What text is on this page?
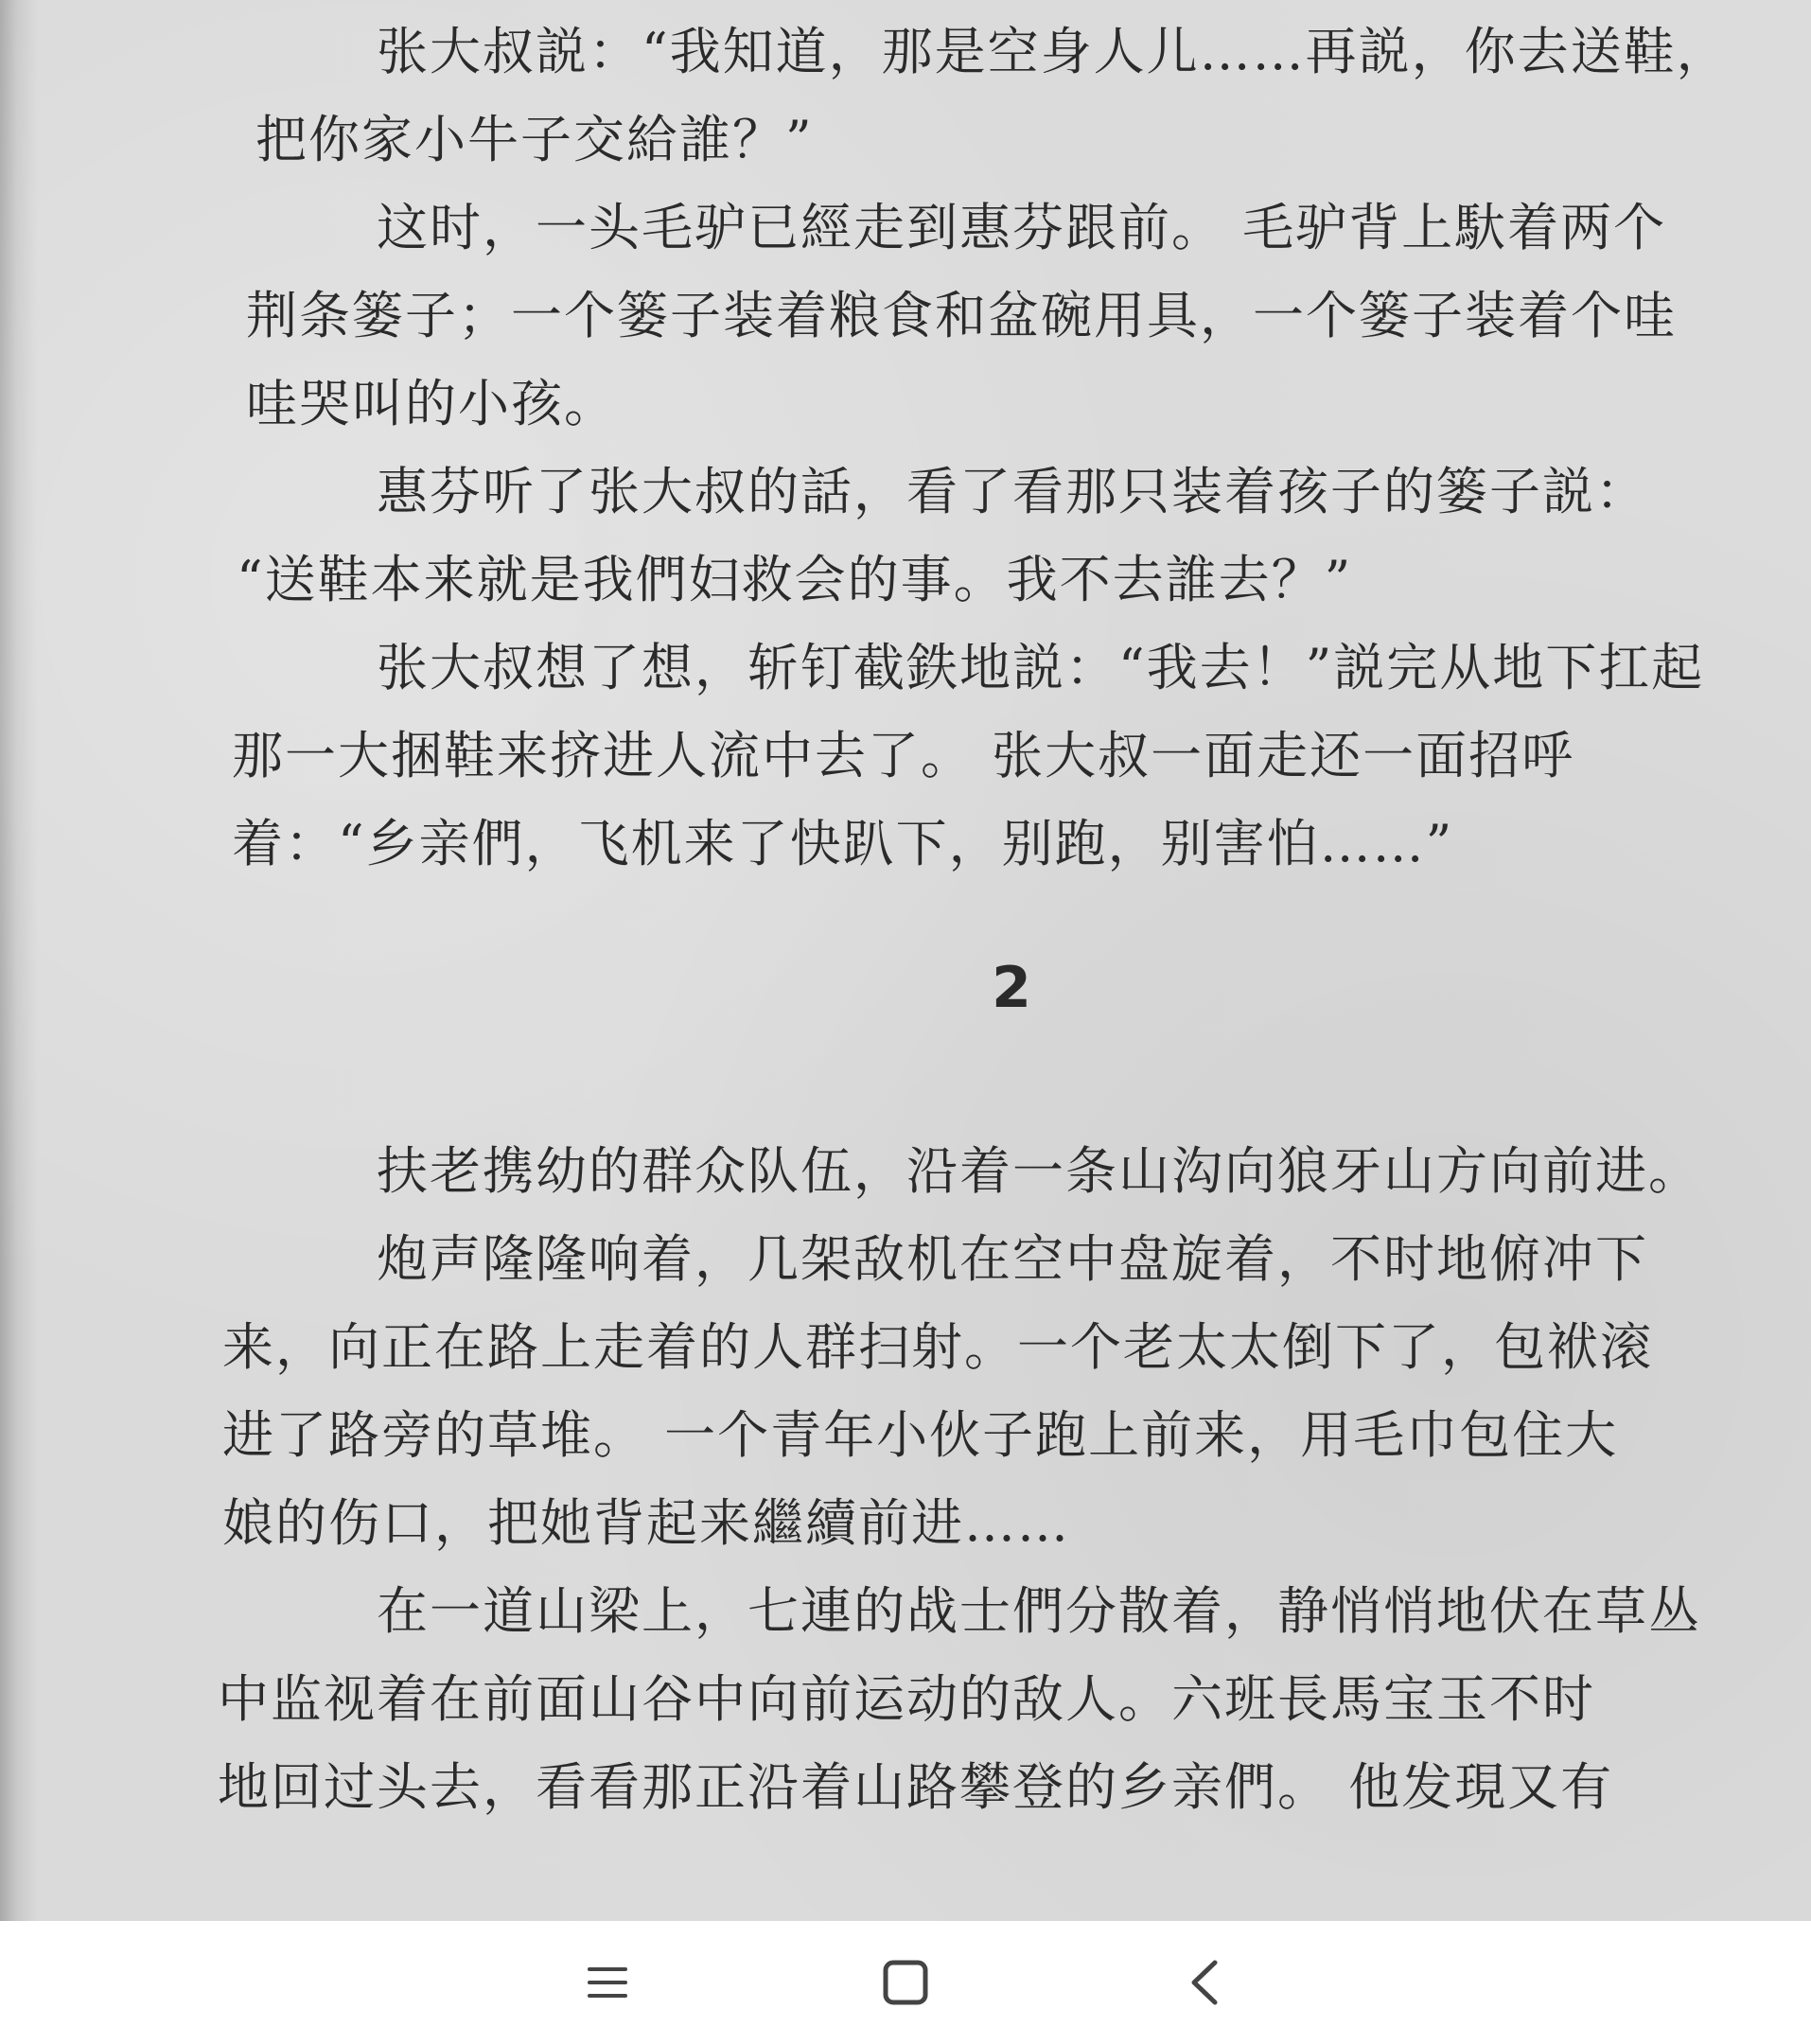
张大叔説：“我知道，那是空身人儿……再説，你去送鞋，
把你家小牛子交給誰？”
这时，一头毛驴已經走到惠芬跟前。 毛驴背上馱着两个
荆条篓子；一个篓子装着粮食和盆碗用具，一个篓子装着个哇
哇哭叫的小孩。
惠芬听了张大叔的話，看了看那只装着孩子的篓子説：
“送鞋本来就是我們妇救会的事。我不去誰去？”
张大叔想了想，斩钉截鉄地説：“我去！”説完从地下扛起
那一大捆鞋来挤进人流中去了。 张大叔一面走还一面招呼
着：“乡亲們，飞机来了快趴下，别跑，别害怕……”
2
扶老携幼的群众队伍，沿着一条山沟向狼牙山方向前进。
炮声隆隆响着，几架敌机在空中盘旋着，不时地俯冲下
来，向正在路上走着的人群扫射。一个老太太倒下了，包袱滚
进了路旁的草堆。 一个青年小伙子跑上前来，用毛巾包住大
娘的伤口，把她背起来繼續前进……
在一道山梁上，七連的战士們分散着，静悄悄地伏在草丛
中监视着在前面山谷中向前运动的敌人。六班長馬宝玉不时
地回过头去，看看那正沿着山路攀登的乡亲們。 他发現又有
